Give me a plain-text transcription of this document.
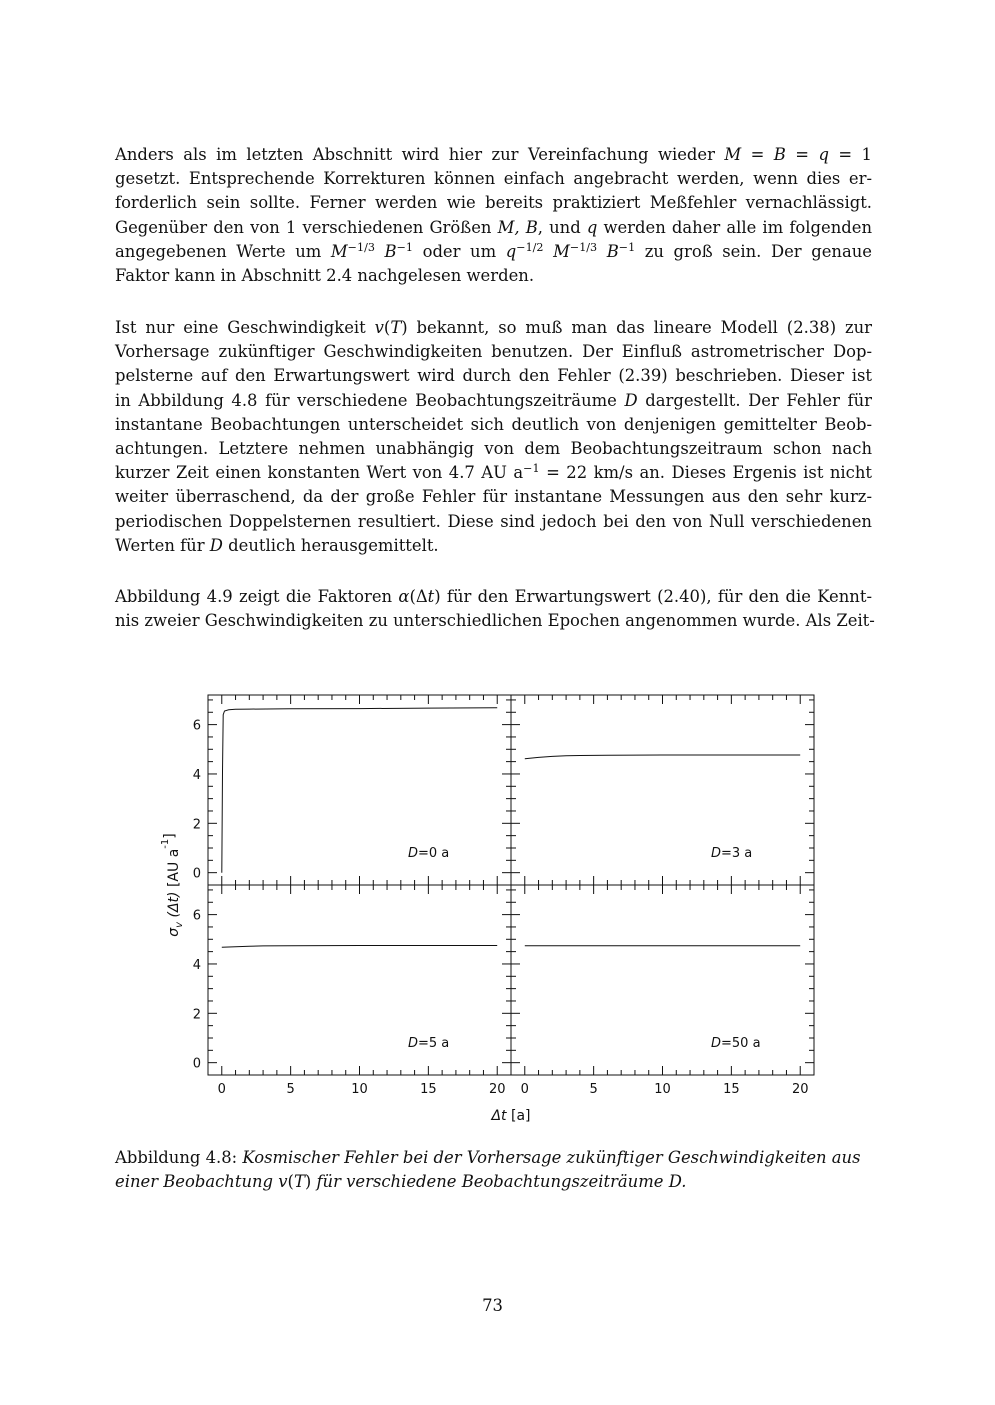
Anders als im letzten Abschnitt wird hier zur Vereinfachung wieder M = B = q = 1
gesetzt. Entsprechende Korrekturen können einfach angebracht werden, wenn dies er-
forderlich sein sollte. Ferner werden wie bereits praktiziert Meßfehler vernachlässigt.
Gegenüber den von 1 verschiedenen Größen M, B, und q werden daher alle im folgenden
angegebenen Werte um $M^{-1/3}$ $B^{-1}$ oder um $q^{-1/2}$ $M^{-1/3}$ $B^{-1}$ zu groß sein. Der genaue
Faktor kann in Abschnitt 2.4 nachgelesen werden.
Ist nur eine Geschwindigkeit v(T) bekannt, so muß man das lineare Modell (2.38) zur
Vorhersage zukünftiger Geschwindigkeiten benutzen. Der Einfluß astrometrischer Dop-
pelsterne auf den Erwartungswert wird durch den Fehler (2.39) beschrieben. Dieser ist
in Abbildung 4.8 für verschiedene Beobachtungszeiträume D dargestellt. Der Fehler für
instantane Beobachtungen unterscheidet sich deutlich von denjenigen gemittelter Beob-
achtungen. Letztere nehmen unabhängig von dem Beobachtungszeitraum schon nach
kurzer Zeit einen konstanten Wert von 4.7 AU $a^{-1} = 22$ km/s an. Dieses Ergenis ist nicht
weiter überraschend, da der große Fehler für instantane Messungen aus den sehr kurz-
periodischen Doppelsternen resultiert. Diese sind jedoch bei den von Null verschiedenen
Werten für D deutlich herausgemittelt.
Abbildung 4.9 zeigt die Faktoren α(Δt) für den Erwartungswert (2.40), für den die Kennt-
nis zweier Geschwindigkeiten zu unterschiedlichen Epochen angenommen wurde. Als Zeit-
0
2
4
6
D=0 a	D=3 a
0
2
4
6
0	5	10	15	20
D=5 a
0	5	10	15	20
D=50 a
$\sigma_v$ (Δt) [AU $a^{-1}$]
Δt [a]
Abbildung 4.8: Kosmischer Fehler bei der Vorhersage zukünftiger Geschwindigkeiten aus
einer Beobachtung v(T) für verschiedene Beobachtungszeiträume D.
73
